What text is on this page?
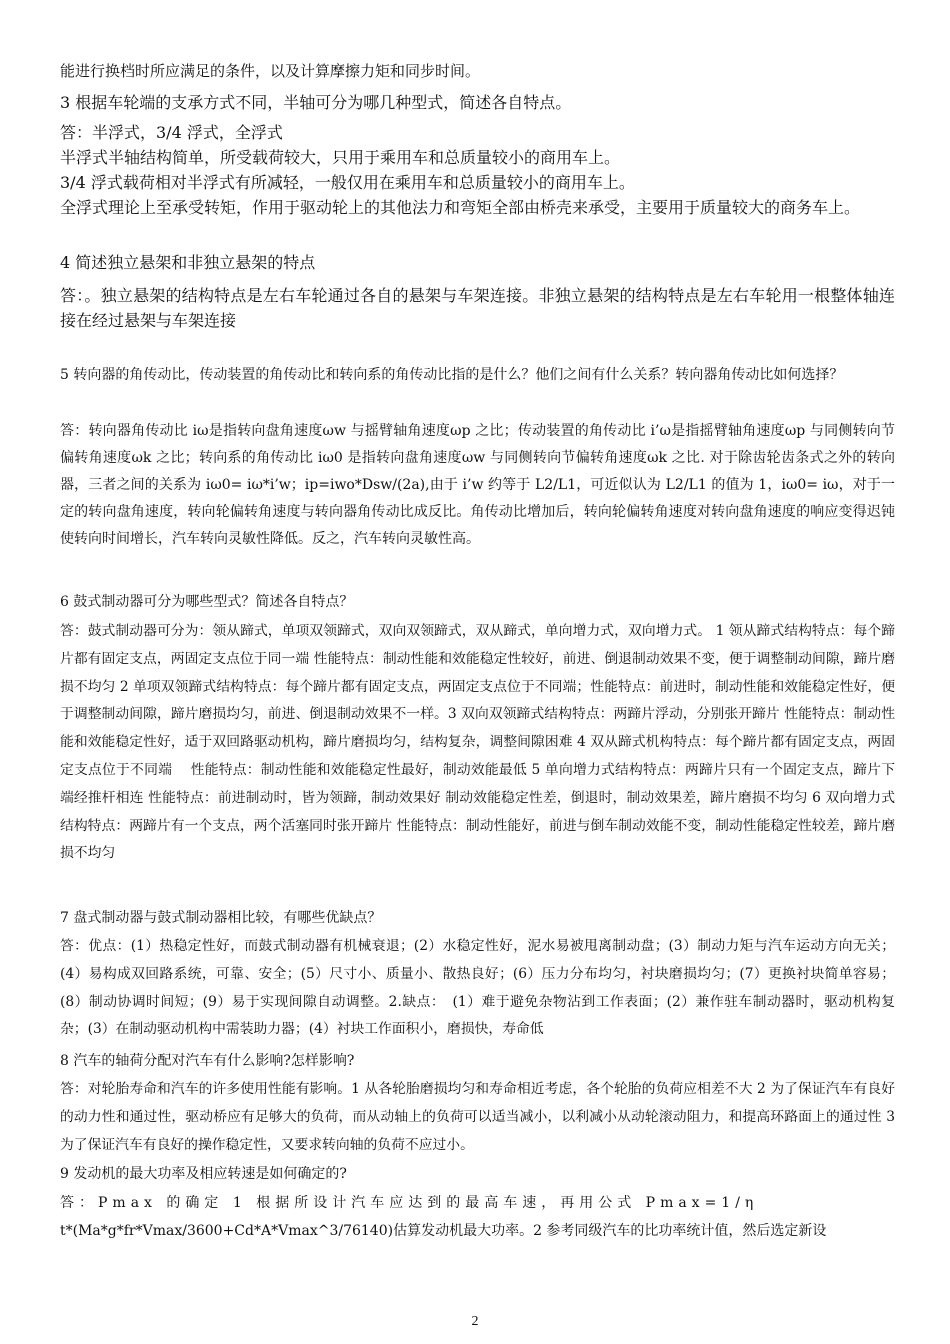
能进行换档时所应满足的条件，以及计算摩擦力矩和同步时间。

3 根据车轮端的支承方式不同，半轴可分为哪几种型式，简述各自特点。

答：半浮式，3/4 浮式，全浮式

半浮式半轴结构简单，所受载荷较大，只用于乘用车和总质量较小的商用车上。

3/4 浮式载荷相对半浮式有所减轻，一般仅用在乘用车和总质量较小的商用车上。

全浮式理论上至承受转矩，作用于驱动轮上的其他法力和弯矩全部由桥壳来承受，主要用于质量较大的商务车上。

4 简述独立悬架和非独立悬架的特点

答：。独立悬架的结构特点是左右车轮通过各自的悬架与车架连接。非独立悬架的结构特点是左右车轮用一根整体轴连接在经过悬架与车架连接

5 转向器的角传动比，传动装置的角传动比和转向系的角传动比指的是什么？他们之间有什么关系？转向器角传动比如何选择？

答：转向器角传动比 iω是指转向盘角速度ωw 与摇臂轴角速度ωp 之比；传动装置的角传动比 i’ω是指摇臂轴角速度ωp 与同侧转向节偏转角速度ωk 之比；转向系的角传动比 iω0 是指转向盘角速度ωw 与同侧转向节偏转角速度ωk 之比. 对于除齿轮齿条式之外的转向器，三者之间的关系为 iω0= iω*i’w；ip=iwo*Dsw/(2a),由于 i’w 约等于 L2/L1，可近似认为 L2/L1 的值为 1，iω0= iω，对于一定的转向盘角速度，转向轮偏转角速度与转向器角传动比成反比。角传动比增加后，转向轮偏转角速度对转向盘角速度的响应变得迟钝使转向时间增长，汽车转向灵敏性降低。反之，汽车转向灵敏性高。

6 鼓式制动器可分为哪些型式？简述各自特点？

答：鼓式制动器可分为：领从蹄式，单项双领蹄式，双向双领蹄式，双从蹄式，单向增力式，双向增力式。 1 领从蹄式结构特点：每个蹄片都有固定支点，两固定支点位于同一端 性能特点：制动性能和效能稳定性较好，前进、倒退制动效果不变，便于调整制动间隙，蹄片磨损不均匀 2 单项双领蹄式结构特点：每个蹄片都有固定支点，两固定支点位于不同端；性能特点：前进时，制动性能和效能稳定性好，便于调整制动间隙，蹄片磨损均匀，前进、倒退制动效果不一样。3 双向双领蹄式结构特点：两蹄片浮动，分别张开蹄片 性能特点：制动性能和效能稳定性好，适于双回路驱动机构，蹄片磨损均匀，结构复杂，调整间隙困难 4 双从蹄式机构特点：每个蹄片都有固定支点，两固定支点位于不同端　 性能特点：制动性能和效能稳定性最好，制动效能最低 5 单向增力式结构特点：两蹄片只有一个固定支点，蹄片下端经推杆相连 性能特点：前进制动时，皆为领蹄，制动效果好 制动效能稳定性差，倒退时，制动效果差，蹄片磨损不均匀 6 双向增力式结构特点：两蹄片有一个支点，两个活塞同时张开蹄片 性能特点：制动性能好，前进与倒车制动效能不变，制动性能稳定性较差，蹄片磨损不均匀

7 盘式制动器与鼓式制动器相比较，有哪些优缺点？

答：优点：(1）热稳定性好，而鼓式制动器有机械衰退；(2）水稳定性好，泥水易被甩离制动盘；(3）制动力矩与汽车运动方向无关；(4）易构成双回路系统，可靠、安全；(5）尺寸小、质量小、散热良好；(6）压力分布均匀，衬块磨损均匀；(7）更换衬块简单容易；(8）制动协调时间短；(9）易于实现间隙自动调整。2.缺点：　(1）难于避免杂物沾到工作表面；(2）兼作驻车制动器时，驱动机构复杂；(3）在制动驱动机构中需装助力器；(4）衬块工作面积小，磨损快，寿命低

8 汽车的轴荷分配对汽车有什么影响?怎样影响?

答：对轮胎寿命和汽车的许多使用性能有影响。1 从各轮胎磨损均匀和寿命相近考虑，各个轮胎的负荷应相差不大 2 为了保证汽车有良好的动力性和通过性，驱动桥应有足够大的负荷，而从动轴上的负荷可以适当减小，以利减小从动轮滚动阻力，和提高环路面上的通过性 3 为了保证汽车有良好的操作稳定性，又要求转向轴的负荷不应过小。

9 发动机的最大功率及相应转速是如何确定的?

答：Pmax 的确定 1 根据所设计汽车应达到的最高车速，再用公式 Pmax=1/η

t*(Ma*g*fr*Vmax/3600+Cd*A*Vmax^3/76140)估算发动机最大功率。2 参考同级汽车的比功率统计值，然后选定新设

2
